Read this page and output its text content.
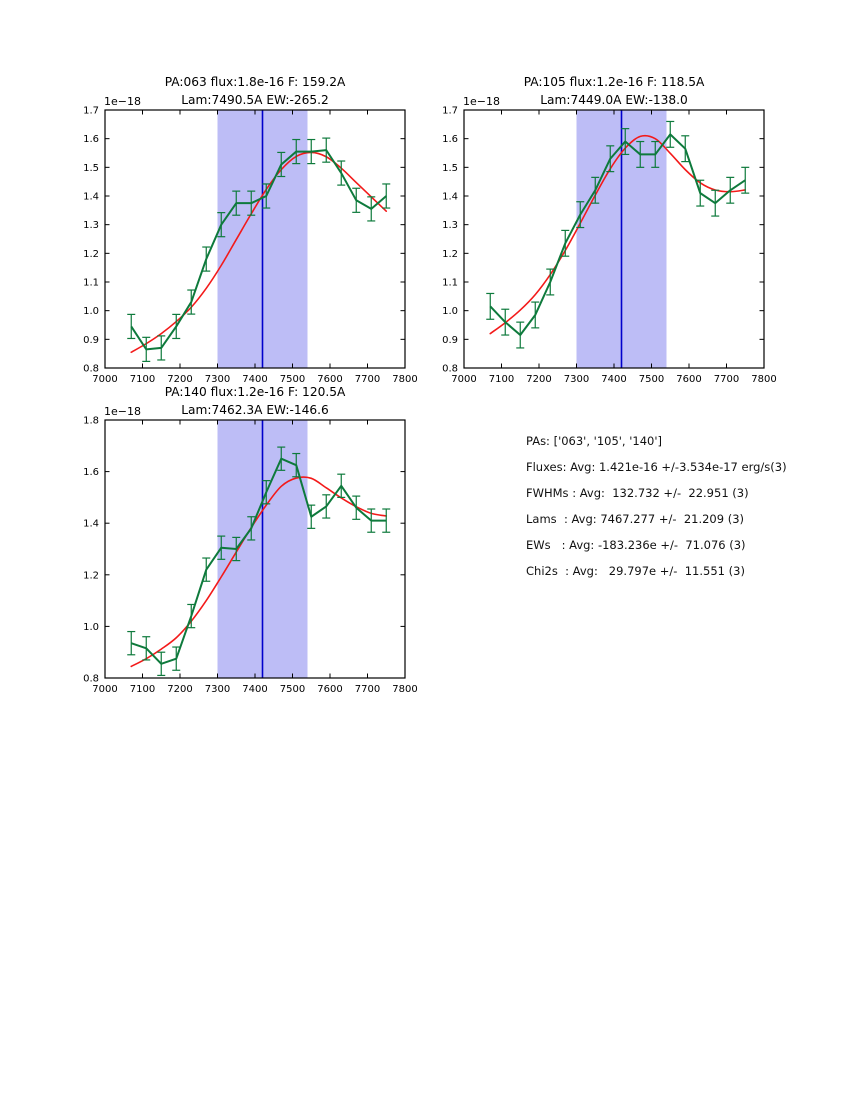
PA:063 flux:1.8e-16 F: 159.2A
Lam:7490.5A EW:-265.2
1e−18
7000 7100 7200 7300 7400 7500 7600 7700 7800
0.8
0.9
1.0
1.1
1.2
1.3
1.4
1.5
1.6
1.7
PA:105 flux:1.2e-16 F: 118.5A
Lam:7449.0A EW:-138.0
1e−18
7000 7100 7200 7300 7400 7500 7600 7700 7800
0.8
0.9
1.0
1.1
1.2
1.3
1.4
1.5
1.6
1.7
PA:140 flux:1.2e-16 F: 120.5A
Lam:7462.3A EW:-146.6
1e−18
7000 7100 7200 7300 7400 7500 7600 7700 7800
0.8
1.0
1.2
1.4
1.6
1.8
PAs: ['063', '105', '140']
Fluxes: Avg: 1.421e-16 +/-3.534e-17 erg/s(3)
FWHMs : Avg:  132.732 +/-  22.951 (3)
Lams  : Avg: 7467.277 +/-  21.209 (3)
EWs   : Avg: -183.236e +/-  71.076 (3)
Chi2s  : Avg:   29.797e +/-  11.551 (3)
